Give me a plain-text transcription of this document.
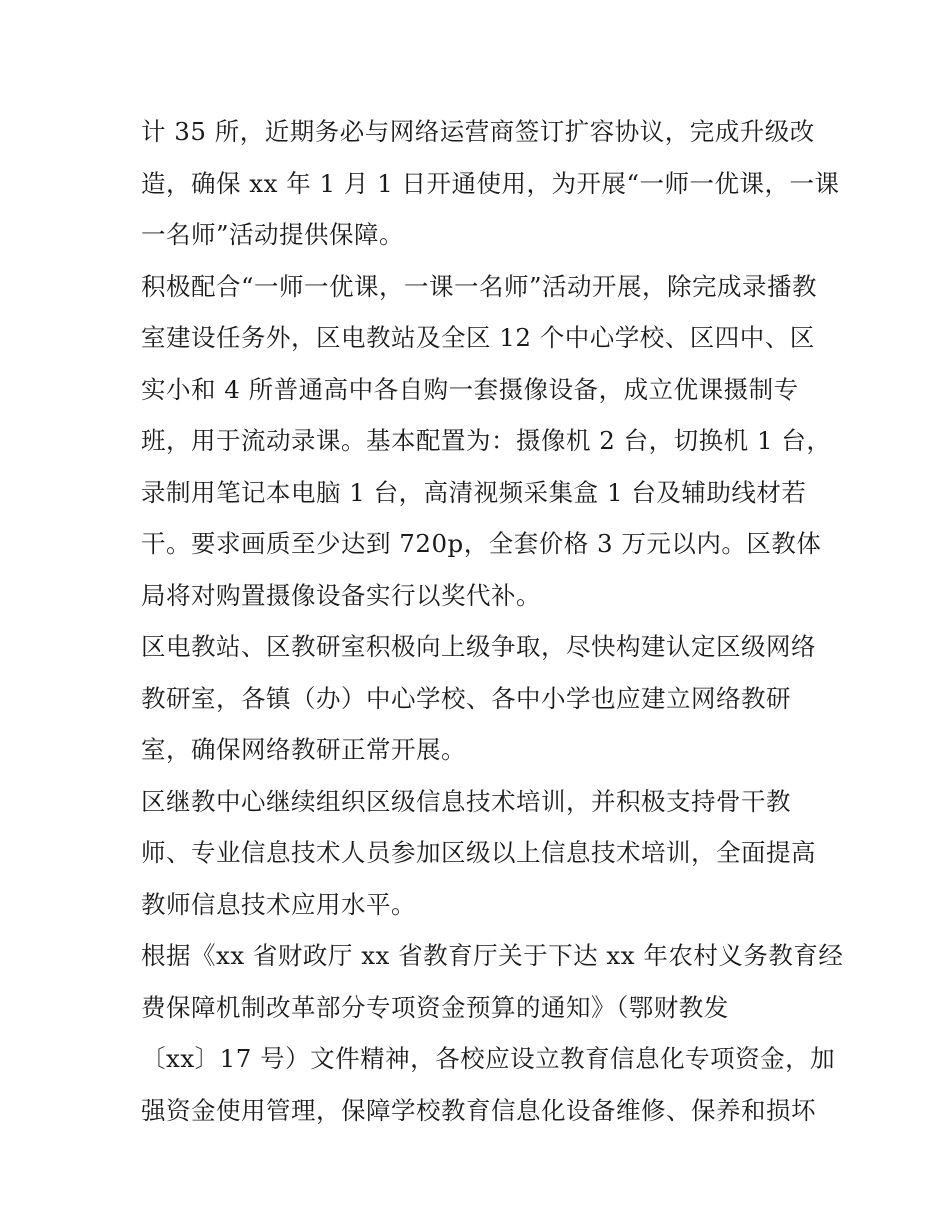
计 35 所，近期务必与网络运营商签订扩容协议，完成升级改
造，确保 xx 年 1 月 1 日开通使用，为开展“一师一优课，一课
一名师”活动提供保障。
积极配合“一师一优课，一课一名师”活动开展，除完成录播教
室建设任务外，区电教站及全区 12 个中心学校、区四中、区
实小和 4 所普通高中各自购一套摄像设备，成立优课摄制专
班，用于流动录课。基本配置为：摄像机 2 台，切换机 1 台，
录制用笔记本电脑 1 台，高清视频采集盒 1 台及辅助线材若
干。要求画质至少达到 720p，全套价格 3 万元以内。区教体
局将对购置摄像设备实行以奖代补。
区电教站、区教研室积极向上级争取，尽快构建认定区级网络
教研室，各镇（办）中心学校、各中小学也应建立网络教研
室，确保网络教研正常开展。
区继教中心继续组织区级信息技术培训，并积极支持骨干教
师、专业信息技术人员参加区级以上信息技术培训，全面提高
教师信息技术应用水平。
根据《xx 省财政厅 xx 省教育厅关于下达 xx 年农村义务教育经
费保障机制改革部分专项资金预算的通知》（鄂财教发
〔xx〕17 号）文件精神，各校应设立教育信息化专项资金，加
强资金使用管理，保障学校教育信息化设备维修、保养和损坏
